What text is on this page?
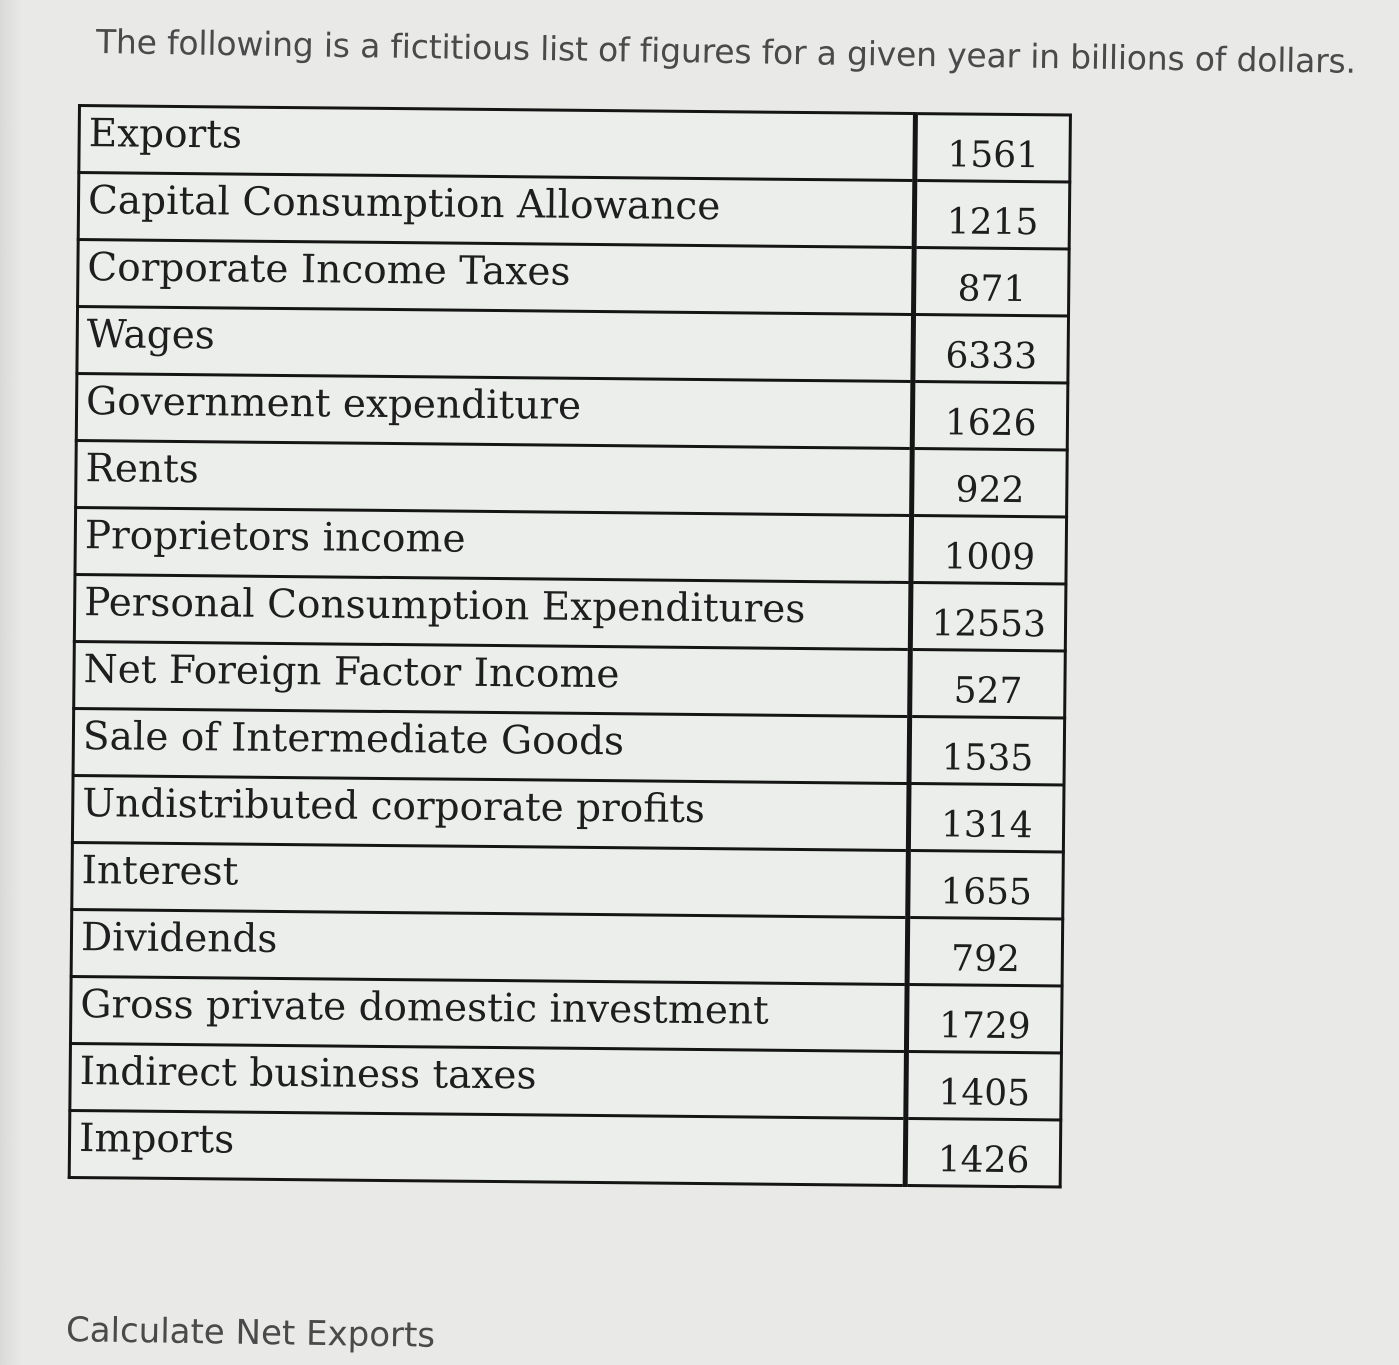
The following is a fictitious list of figures for a given year in billions of dollars.
Exports	1561
Capital Consumption Allowance	1215
Corporate Income Taxes	871
Wages	6333
Government expenditure	1626
Rents	922
Proprietors income	1009
Personal Consumption Expenditures	12553
Net Foreign Factor Income	527
Sale of Intermediate Goods	1535
Undistributed corporate profits	1314
Interest	1655
Dividends	792
Gross private domestic investment	1729
Indirect business taxes	1405
Imports	1426
Calculate Net Exports
